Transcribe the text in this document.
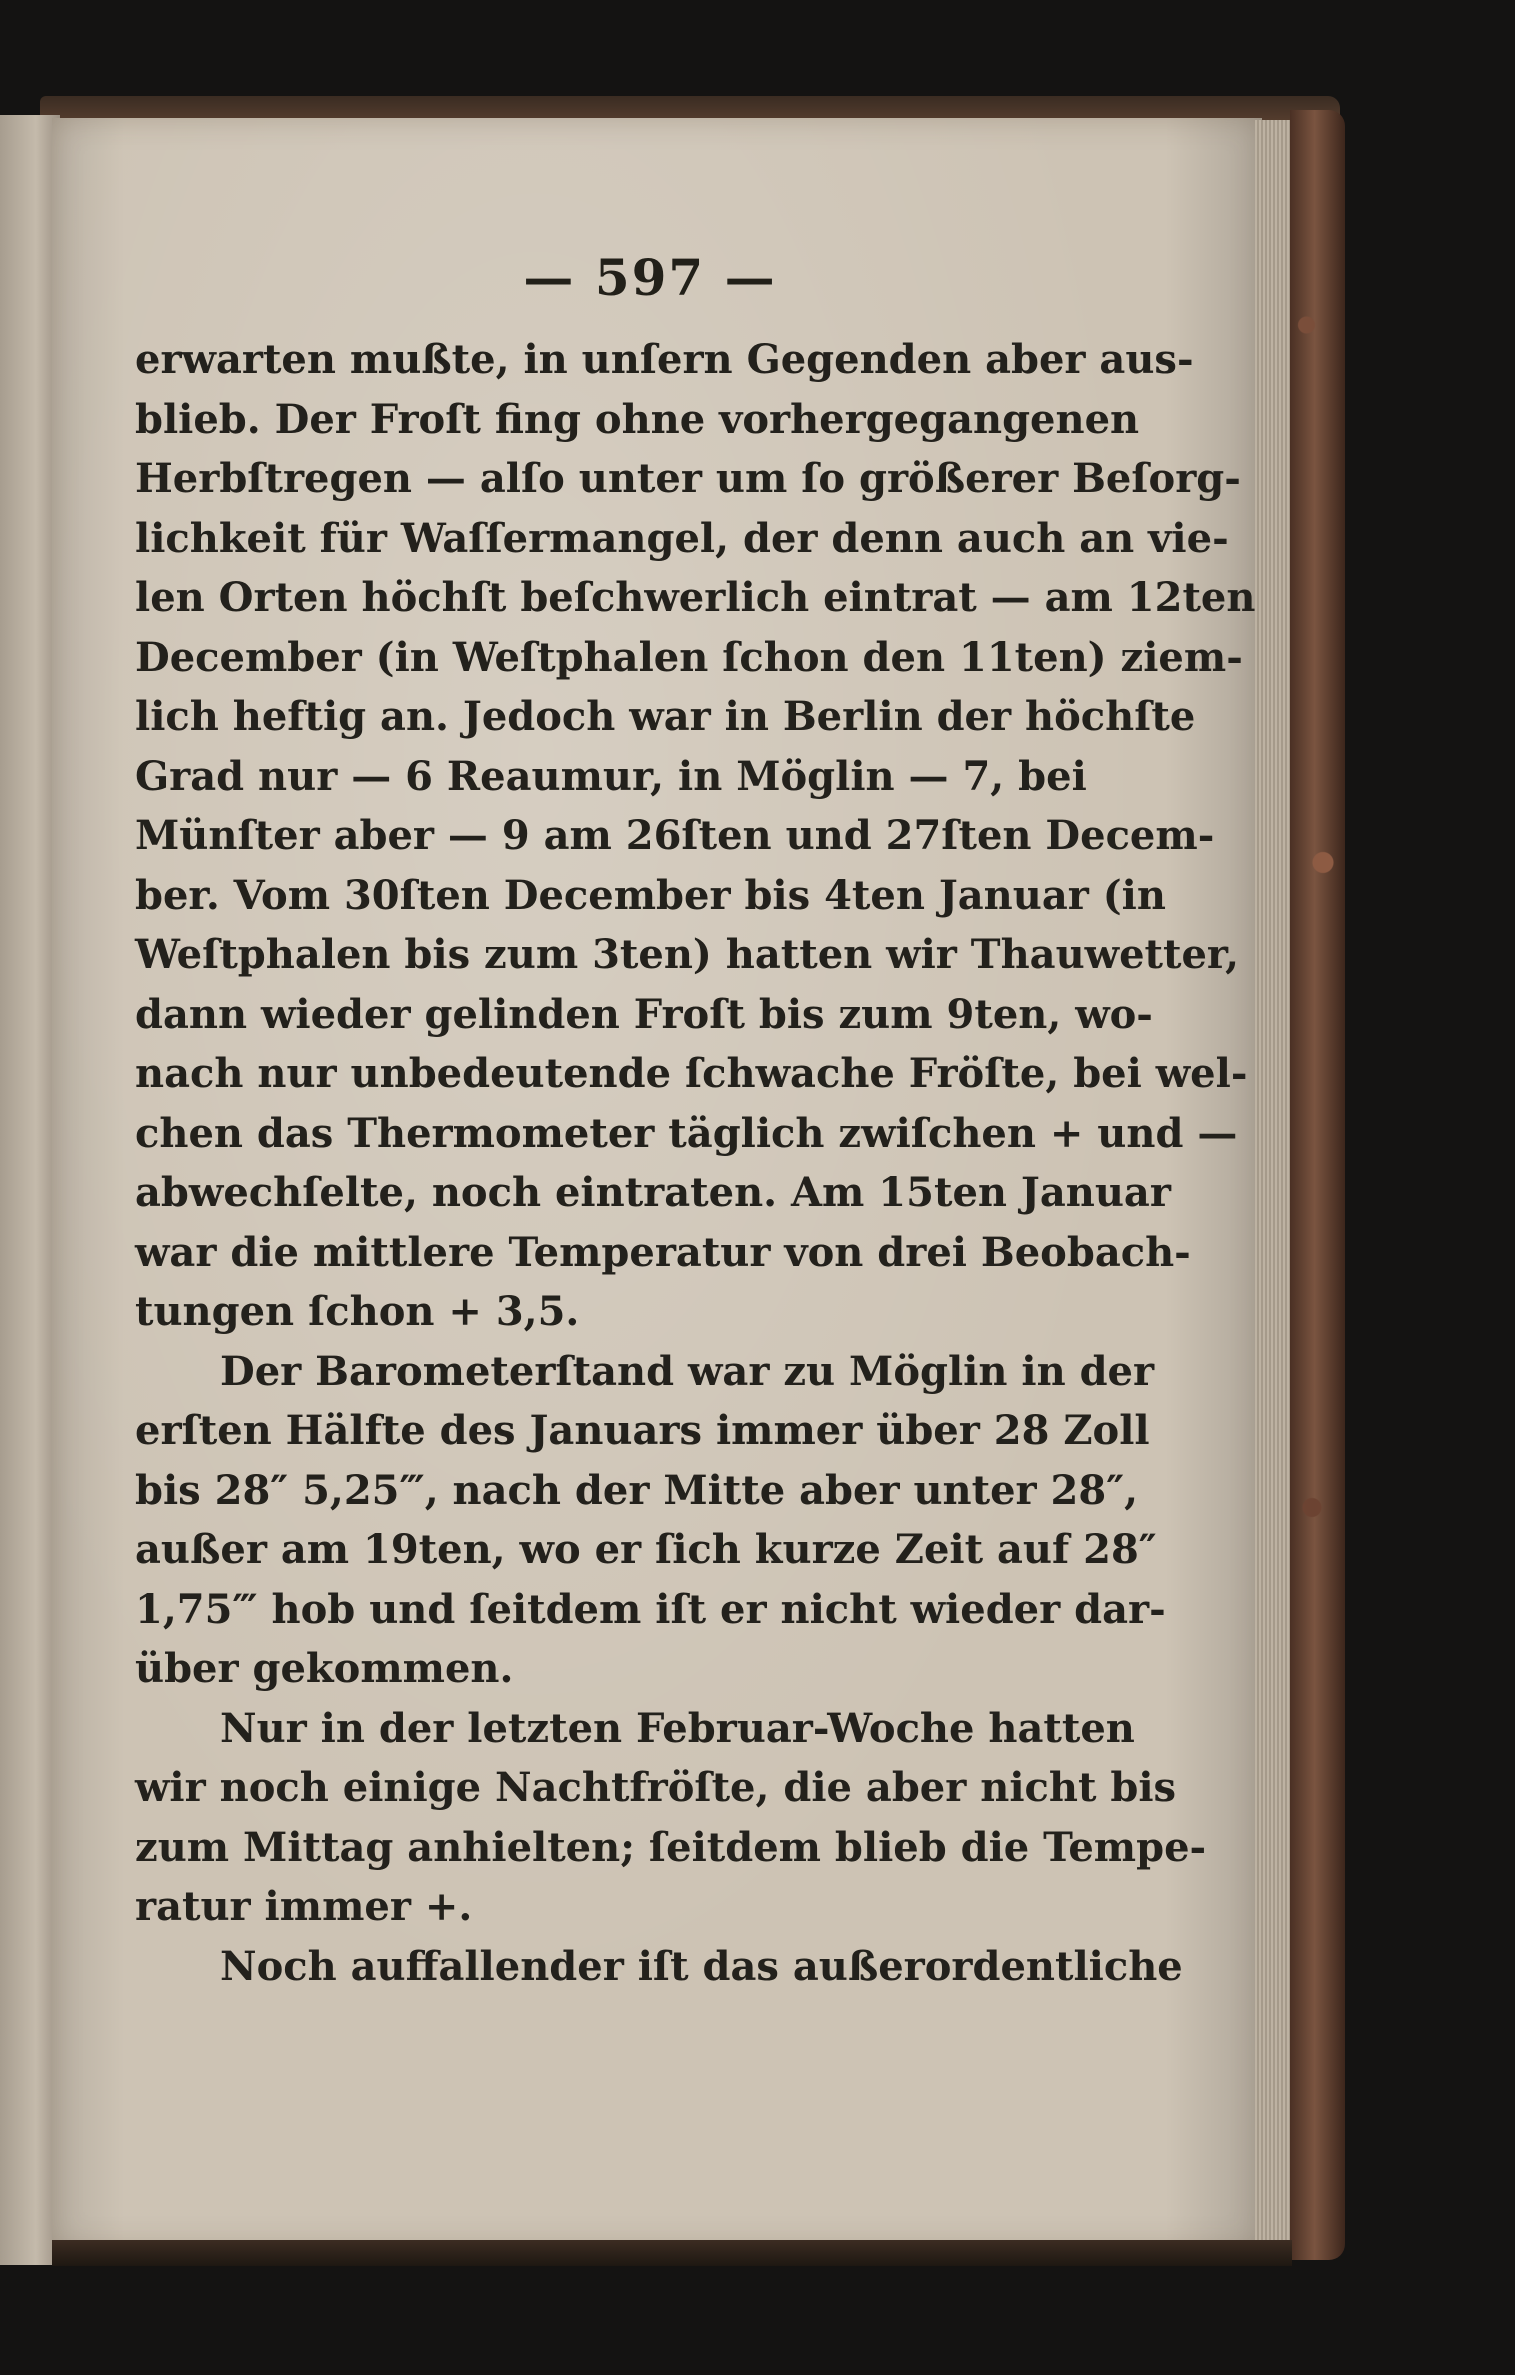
— 597 —
erwarten mußte, in unſern Gegenden aber aus-
blieb. Der Froſt fing ohne vorhergegangenen
Herbſtregen — alſo unter um ſo größerer Beſorg-
lichkeit für Waſſermangel, der denn auch an vie-
len Orten höchſt beſchwerlich eintrat — am 12ten
December (in Weſtphalen ſchon den 11ten) ziem-
lich heftig an. Jedoch war in Berlin der höchſte
Grad nur — 6 Reaumur, in Möglin — 7, bei
Münſter aber — 9 am 26ſten und 27ſten Decem-
ber. Vom 30ſten December bis 4ten Januar (in
Weſtphalen bis zum 3ten) hatten wir Thauwetter,
dann wieder gelinden Froſt bis zum 9ten, wo-
nach nur unbedeutende ſchwache Fröſte, bei wel-
chen das Thermometer täglich zwiſchen + und —
abwechſelte, noch eintraten. Am 15ten Januar
war die mittlere Temperatur von drei Beobach-
tungen ſchon + 3,5.
Der Barometerſtand war zu Möglin in der
erſten Hälfte des Januars immer über 28 Zoll
bis 28″ 5,25‴, nach der Mitte aber unter 28″,
außer am 19ten, wo er ſich kurze Zeit auf 28″
1,75‴ hob und ſeitdem iſt er nicht wieder dar-
über gekommen.
Nur in der letzten Februar-Woche hatten
wir noch einige Nachtfröſte, die aber nicht bis
zum Mittag anhielten; ſeitdem blieb die Tempe-
ratur immer +.
Noch auffallender iſt das außerordentliche
